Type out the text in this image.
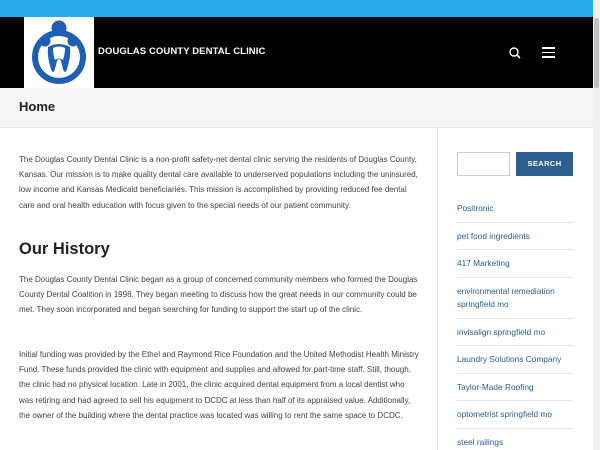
DOUGLAS COUNTY DENTAL CLINIC
Home

The Douglas County Dental Clinic is a non-profit safety-net dental clinic serving the residents of Douglas County, Kansas. Our mission is to make quality dental care available to underserved populations including the uninsured, low income and Kansas Medicaid beneficiaries. This mission is accomplished by providing reduced fee dental care and oral health education with focus given to the special needs of our patient community.

Our History

The Douglas County Dental Clinic began as a group of concerned community members who formed the Douglas County Dental Coalition in 1998. They began meeting to discuss how the great needs in our community could be met. They soon incorporated and began searching for funding to support the start up of the clinic.

Initial funding was provided by the Ethel and Raymond Rice Foundation and the United Methodist Health Ministry Fund. These funds provided the clinic with equipment and supplies and allowed for part-time staff. Still, though, the clinic had no physical location. Late in 2001, the clinic acquired dental equipment from a local dentist who was retiring and had agreed to sell his equipment to DCDC at less than half of its appraised value. Additionally, the owner of the building where the dental practice was located was willing to rent the same space to DCDC.

SEARCH
Positronic
pet food ingredients
417 Marketing
environmental remediation springfield mo
invisalign springfield mo
Laundry Solutions Company
Taylor-Made Roofing
optometrist springfield mo
steel railings
